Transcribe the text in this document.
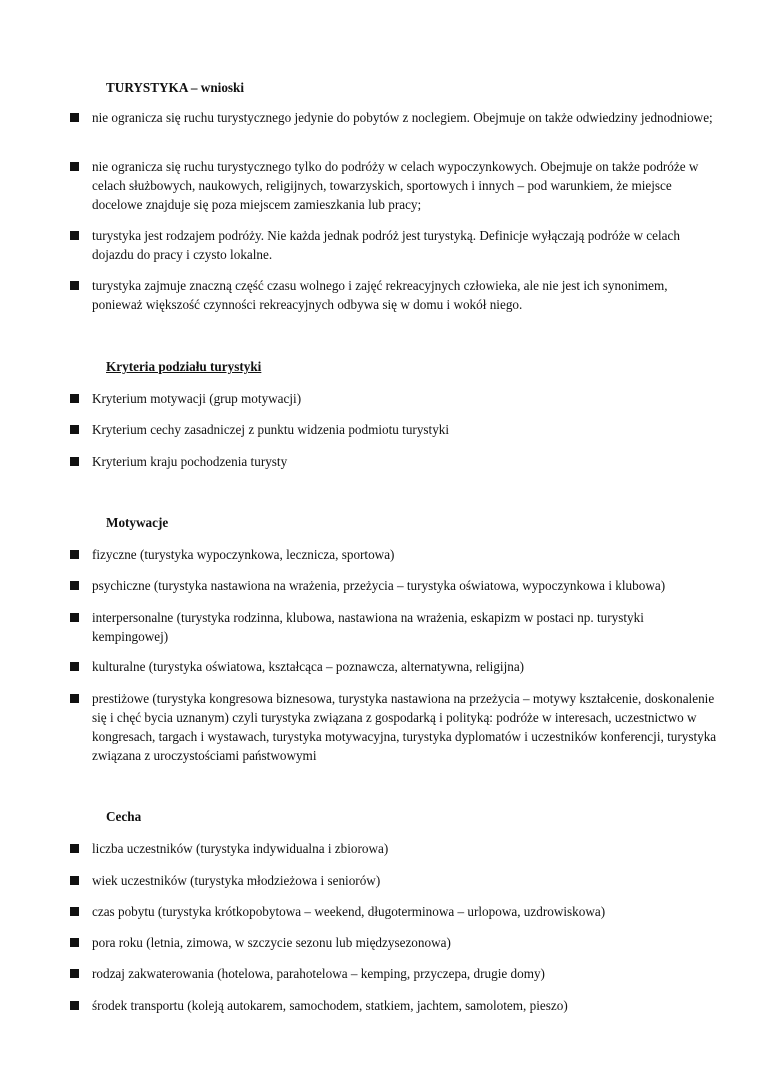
TURYSTYKA – wnioski
nie ogranicza się ruchu turystycznego jedynie do pobytów z noclegiem. Obejmuje on także odwiedziny jednodniowe;
nie ogranicza się ruchu turystycznego tylko do podróży w celach wypoczynkowych. Obejmuje on także podróże w celach służbowych, naukowych, religijnych, towarzyskich, sportowych i innych – pod warunkiem, że miejsce docelowe znajduje się poza miejscem zamieszkania lub pracy;
turystyka jest rodzajem podróży. Nie każda jednak podróż jest turystyką. Definicje wyłączają podróże w celach dojazdu do pracy i czysto lokalne.
turystyka zajmuje znaczną część czasu wolnego i zajęć rekreacyjnych człowieka, ale nie jest ich synonimem, ponieważ większość czynności rekreacyjnych odbywa się w domu i wokół niego.
Kryteria podziału turystyki
Kryterium motywacji (grup motywacji)
Kryterium cechy zasadniczej z punktu widzenia podmiotu turystyki
Kryterium kraju pochodzenia turysty
Motywacje
fizyczne (turystyka wypoczynkowa, lecznicza, sportowa)
psychiczne (turystyka nastawiona na wrażenia, przeżycia – turystyka oświatowa, wypoczynkowa i klubowa)
interpersonalne (turystyka rodzinna, klubowa, nastawiona na wrażenia, eskapizm w postaci np. turystyki kempingowej)
kulturalne (turystyka oświatowa, kształcąca – poznawcza, alternatywna, religijna)
prestiżowe (turystyka kongresowa biznesowa, turystyka nastawiona na przeżycia – motywy kształcenie, doskonalenie się i chęć bycia uznanym) czyli turystyka związana z gospodarką i polityką: podróże w interesach, uczestnictwo w kongresach, targach i wystawach, turystyka motywacyjna, turystyka dyplomatów i uczestników konferencji, turystyka związana z uroczystościami państwowymi
Cecha
liczba uczestników (turystyka indywidualna i zbiorowa)
wiek uczestników (turystyka młodzieżowa i seniorów)
czas pobytu (turystyka krótkopobytowa – weekend, długoterminowa – urlopowa, uzdrowiskowa)
pora roku (letnia, zimowa, w szczycie sezonu lub międzysezonowa)
rodzaj zakwaterowania (hotelowa, parahotelowa – kemping, przyczepa, drugie domy)
środek transportu (koleją autokarem, samochodem, statkiem, jachtem, samolotem, pieszo)
